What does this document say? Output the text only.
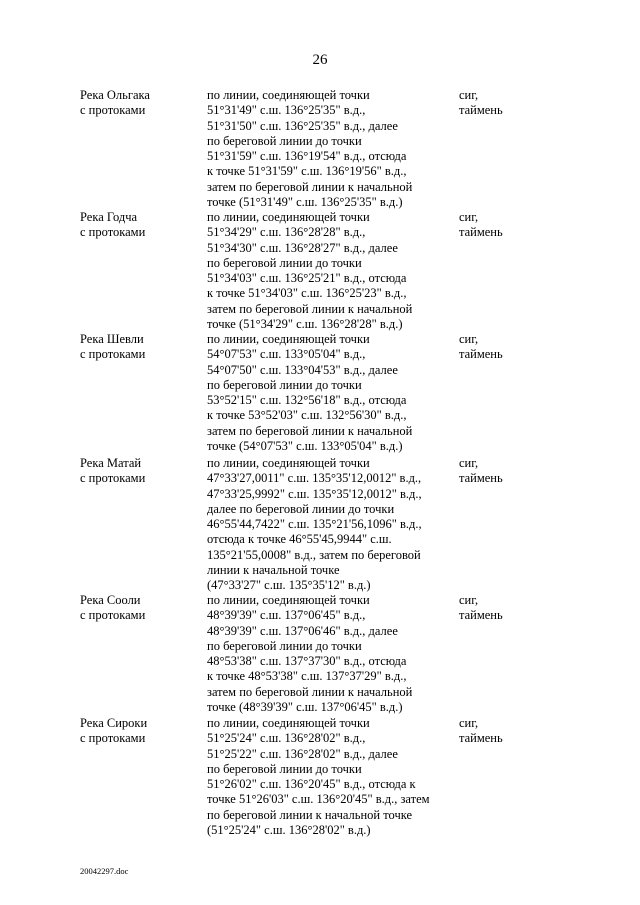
26
Река Ольгака
с протоками
по линии, соединяющей точки
51°31'49" с.ш. 136°25'35" в.д.,
51°31'50" с.ш. 136°25'35" в.д., далее
по береговой линии до точки
51°31'59" с.ш. 136°19'54" в.д., отсюда
к точке 51°31'59" с.ш. 136°19'56" в.д.,
затем по береговой линии к начальной
точке (51°31'49" с.ш. 136°25'35" в.д.)
сиг,
таймень
Река Годча
с протоками
по линии, соединяющей точки
51°34'29" с.ш. 136°28'28" в.д.,
51°34'30" с.ш. 136°28'27" в.д., далее
по береговой линии до точки
51°34'03" с.ш. 136°25'21" в.д., отсюда
к точке 51°34'03" с.ш. 136°25'23" в.д.,
затем по береговой линии к начальной
точке (51°34'29" с.ш. 136°28'28" в.д.)
сиг,
таймень
Река Шевли
с протоками
по линии, соединяющей точки
54°07'53" с.ш. 133°05'04" в.д.,
54°07'50" с.ш. 133°04'53" в.д., далее
по береговой линии до точки
53°52'15" с.ш. 132°56'18" в.д., отсюда
к точке 53°52'03" с.ш. 132°56'30" в.д.,
затем по береговой линии к начальной
точке (54°07'53" с.ш. 133°05'04" в.д.)
сиг,
таймень
Река Матай
с протоками
по линии, соединяющей точки
47°33'27,0011" с.ш. 135°35'12,0012" в.д.,
47°33'25,9992" с.ш. 135°35'12,0012" в.д.,
далее по береговой линии до точки
46°55'44,7422" с.ш. 135°21'56,1096" в.д.,
отсюда к точке 46°55'45,9944" с.ш.
135°21'55,0008" в.д., затем по береговой
линии к начальной точке
(47°33'27" с.ш. 135°35'12" в.д.)
сиг,
таймень
Река Сооли
с протоками
по линии, соединяющей точки
48°39'39" с.ш. 137°06'45" в.д.,
48°39'39" с.ш. 137°06'46" в.д., далее
по береговой линии до точки
48°53'38" с.ш. 137°37'30" в.д., отсюда
к точке 48°53'38" с.ш. 137°37'29" в.д.,
затем по береговой линии к начальной
точке (48°39'39" с.ш. 137°06'45" в.д.)
сиг,
таймень
Река Сироки
с протоками
по линии, соединяющей точки
51°25'24" с.ш. 136°28'02" в.д.,
51°25'22" с.ш. 136°28'02" в.д., далее
по береговой линии до точки
51°26'02" с.ш. 136°20'45" в.д., отсюда к
точке 51°26'03" с.ш. 136°20'45" в.д., затем
по береговой линии к начальной точке
(51°25'24" с.ш. 136°28'02" в.д.)
сиг,
таймень
20042297.doc
